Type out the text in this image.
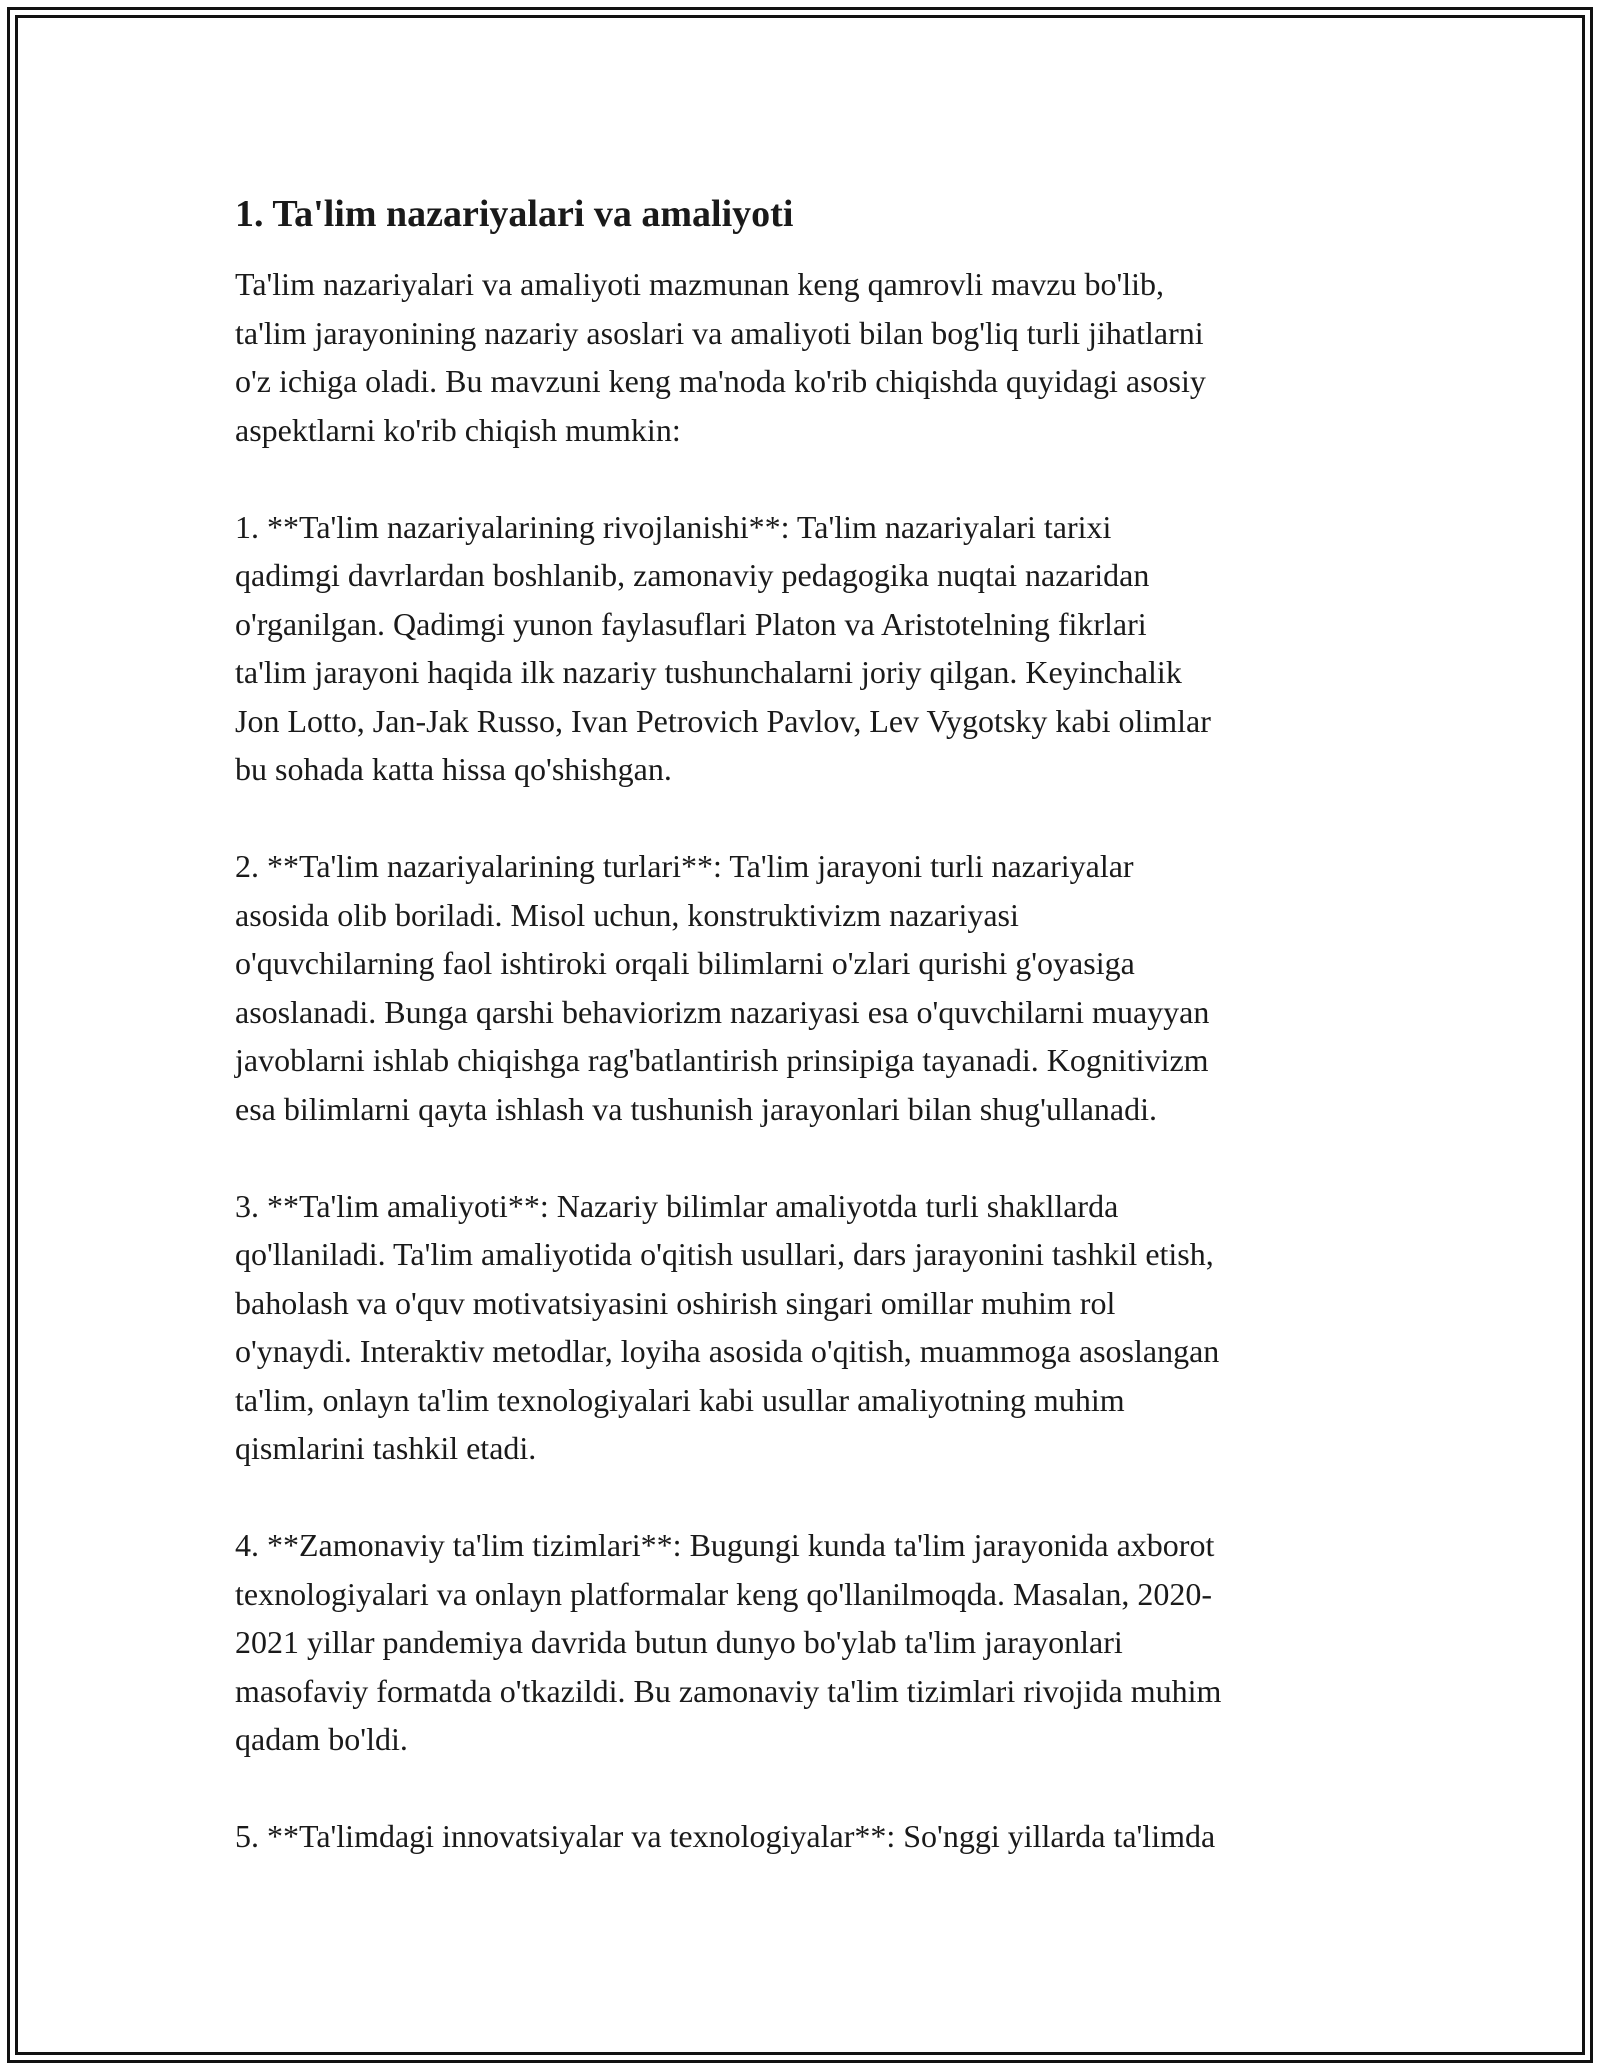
1. Ta'lim nazariyalari va amaliyoti

Ta'lim nazariyalari va amaliyoti mazmunan keng qamrovli mavzu bo'lib,
ta'lim jarayonining nazariy asoslari va amaliyoti bilan bog'liq turli jihatlarni
o'z ichiga oladi. Bu mavzuni keng ma'noda ko'rib chiqishda quyidagi asosiy
aspektlarni ko'rib chiqish mumkin:

1. **Ta'lim nazariyalarining rivojlanishi**: Ta'lim nazariyalari tarixi
qadimgi davrlardan boshlanib, zamonaviy pedagogika nuqtai nazaridan
o'rganilgan. Qadimgi yunon faylasuflari Platon va Aristotelning fikrlari
ta'lim jarayoni haqida ilk nazariy tushunchalarni joriy qilgan. Keyinchalik
Jon Lotto, Jan-Jak Russo, Ivan Petrovich Pavlov, Lev Vygotsky kabi olimlar
bu sohada katta hissa qo'shishgan.

2. **Ta'lim nazariyalarining turlari**: Ta'lim jarayoni turli nazariyalar
asosida olib boriladi. Misol uchun, konstruktivizm nazariyasi
o'quvchilarning faol ishtiroki orqali bilimlarni o'zlari qurishi g'oyasiga
asoslanadi. Bunga qarshi behaviorizm nazariyasi esa o'quvchilarni muayyan
javoblarni ishlab chiqishga rag'batlantirish prinsipiga tayanadi. Kognitivizm
esa bilimlarni qayta ishlash va tushunish jarayonlari bilan shug'ullanadi.

3. **Ta'lim amaliyoti**: Nazariy bilimlar amaliyotda turli shakllarda
qo'llaniladi. Ta'lim amaliyotida o'qitish usullari, dars jarayonini tashkil etish,
baholash va o'quv motivatsiyasini oshirish singari omillar muhim rol
o'ynaydi. Interaktiv metodlar, loyiha asosida o'qitish, muammoga asoslangan
ta'lim, onlayn ta'lim texnologiyalari kabi usullar amaliyotning muhim
qismlarini tashkil etadi.

4. **Zamonaviy ta'lim tizimlari**: Bugungi kunda ta'lim jarayonida axborot
texnologiyalari va onlayn platformalar keng qo'llanilmoqda. Masalan, 2020-
2021 yillar pandemiya davrida butun dunyo bo'ylab ta'lim jarayonlari
masofaviy formatda o'tkazildi. Bu zamonaviy ta'lim tizimlari rivojida muhim
qadam bo'ldi.

5. **Ta'limdagi innovatsiyalar va texnologiyalar**: So'nggi yillarda ta'limda
